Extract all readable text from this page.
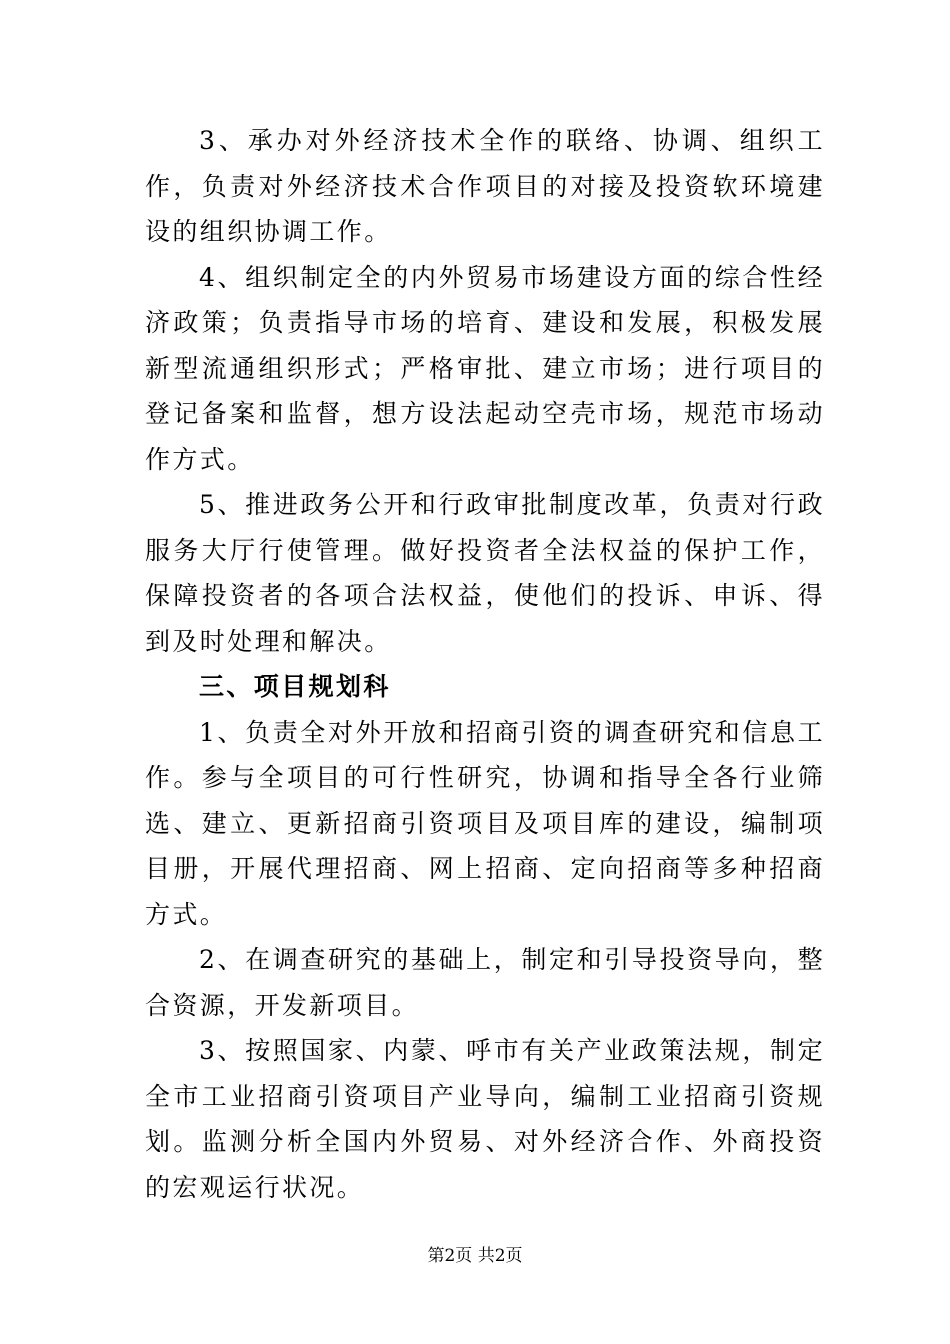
3、承办对外经济技术全作的联络、协调、组织工作，负责对外经济技术合作项目的对接及投资软环境建设的组织协调工作。

4、组织制定全的内外贸易市场建设方面的综合性经济政策；负责指导市场的培育、建设和发展，积极发展新型流通组织形式；严格审批、建立市场；进行项目的登记备案和监督，想方设法起动空壳市场，规范市场动作方式。

5、推进政务公开和行政审批制度改革，负责对行政服务大厅行使管理。做好投资者全法权益的保护工作，保障投资者的各项合法权益，使他们的投诉、申诉、得到及时处理和解决。

三、项目规划科

1、负责全对外开放和招商引资的调查研究和信息工作。参与全项目的可行性研究，协调和指导全各行业筛选、建立、更新招商引资项目及项目库的建设，编制项目册，开展代理招商、网上招商、定向招商等多种招商方式。

2、在调查研究的基础上，制定和引导投资导向，整合资源，开发新项目。

3、按照国家、内蒙、呼市有关产业政策法规，制定全市工业招商引资项目产业导向，编制工业招商引资规划。监测分析全国内外贸易、对外经济合作、外商投资的宏观运行状况。

第2页 共2页
